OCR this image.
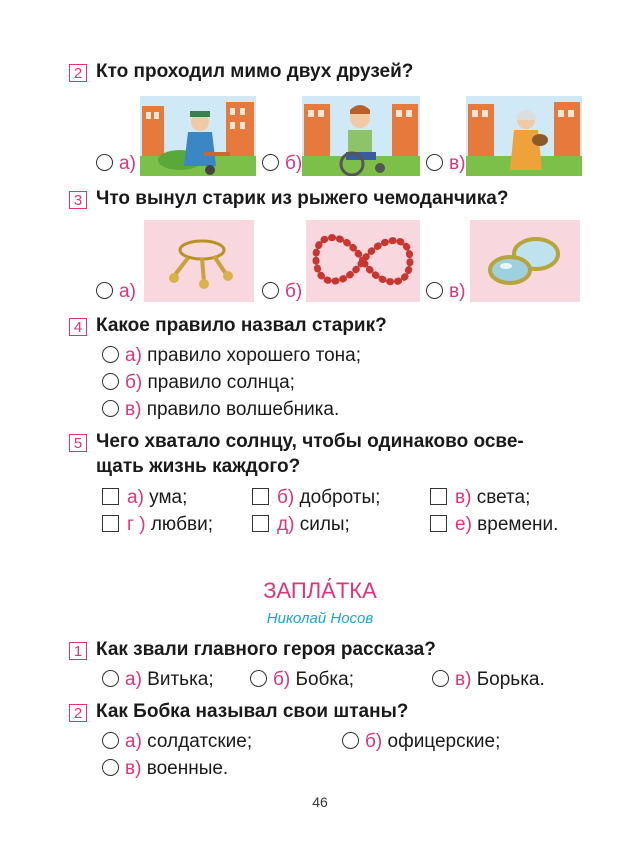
2 Кто проходил мимо двух друзей?
а)	б)	в)
3 Что вынул старик из рыжего чемоданчика?
а)	б)	в)
4 Какое правило назвал старик?
а) правило хорошего тона;
б) правило солнца;
в) правило волшебника.
5 Чего хватало солнцу, чтобы одинаково осве-
щать жизнь каждого?
а) ума;	б) доброты;	в) света;
г ) любви;	д) силы;	е) времени.
ЗАПЛА́ТКА
Николай Носов
1 Как звали главного героя рассказа?
а) Витька;	б) Бобка;	в) Борька.
2 Как Бобка называл свои штаны?
а) солдатские;	б) офицерские;
в) военные.
46
